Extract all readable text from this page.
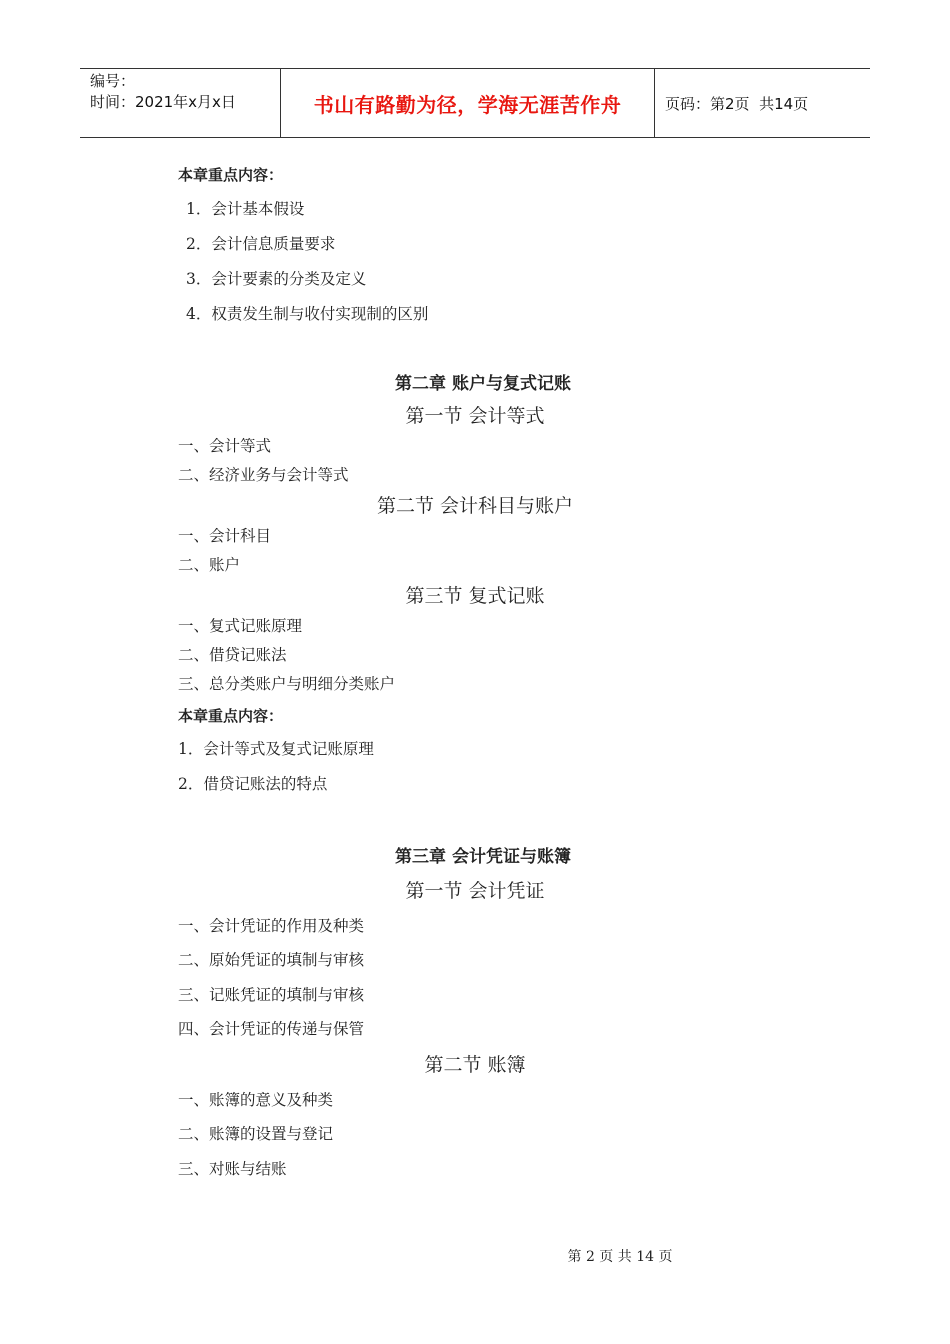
编号：
时间：2021年x月x日	书山有路勤为径，学海无涯苦作舟	页码：第2页  共14页
本章重点内容：
1．会计基本假设
2．会计信息质量要求
3．会计要素的分类及定义
4．权责发生制与收付实现制的区别
第二章 账户与复式记账
第一节 会计等式
一、会计等式
二、经济业务与会计等式
第二节 会计科目与账户
一、会计科目
二、账户
第三节 复式记账
一、复式记账原理
二、借贷记账法
三、总分类账户与明细分类账户
本章重点内容：
1．会计等式及复式记账原理
2．借贷记账法的特点
第三章 会计凭证与账簿
第一节 会计凭证
一、会计凭证的作用及种类
二、原始凭证的填制与审核
三、记账凭证的填制与审核
四、会计凭证的传递与保管
第二节 账簿
一、账簿的意义及种类
二、账簿的设置与登记
三、对账与结账
第 2 页 共 14 页
